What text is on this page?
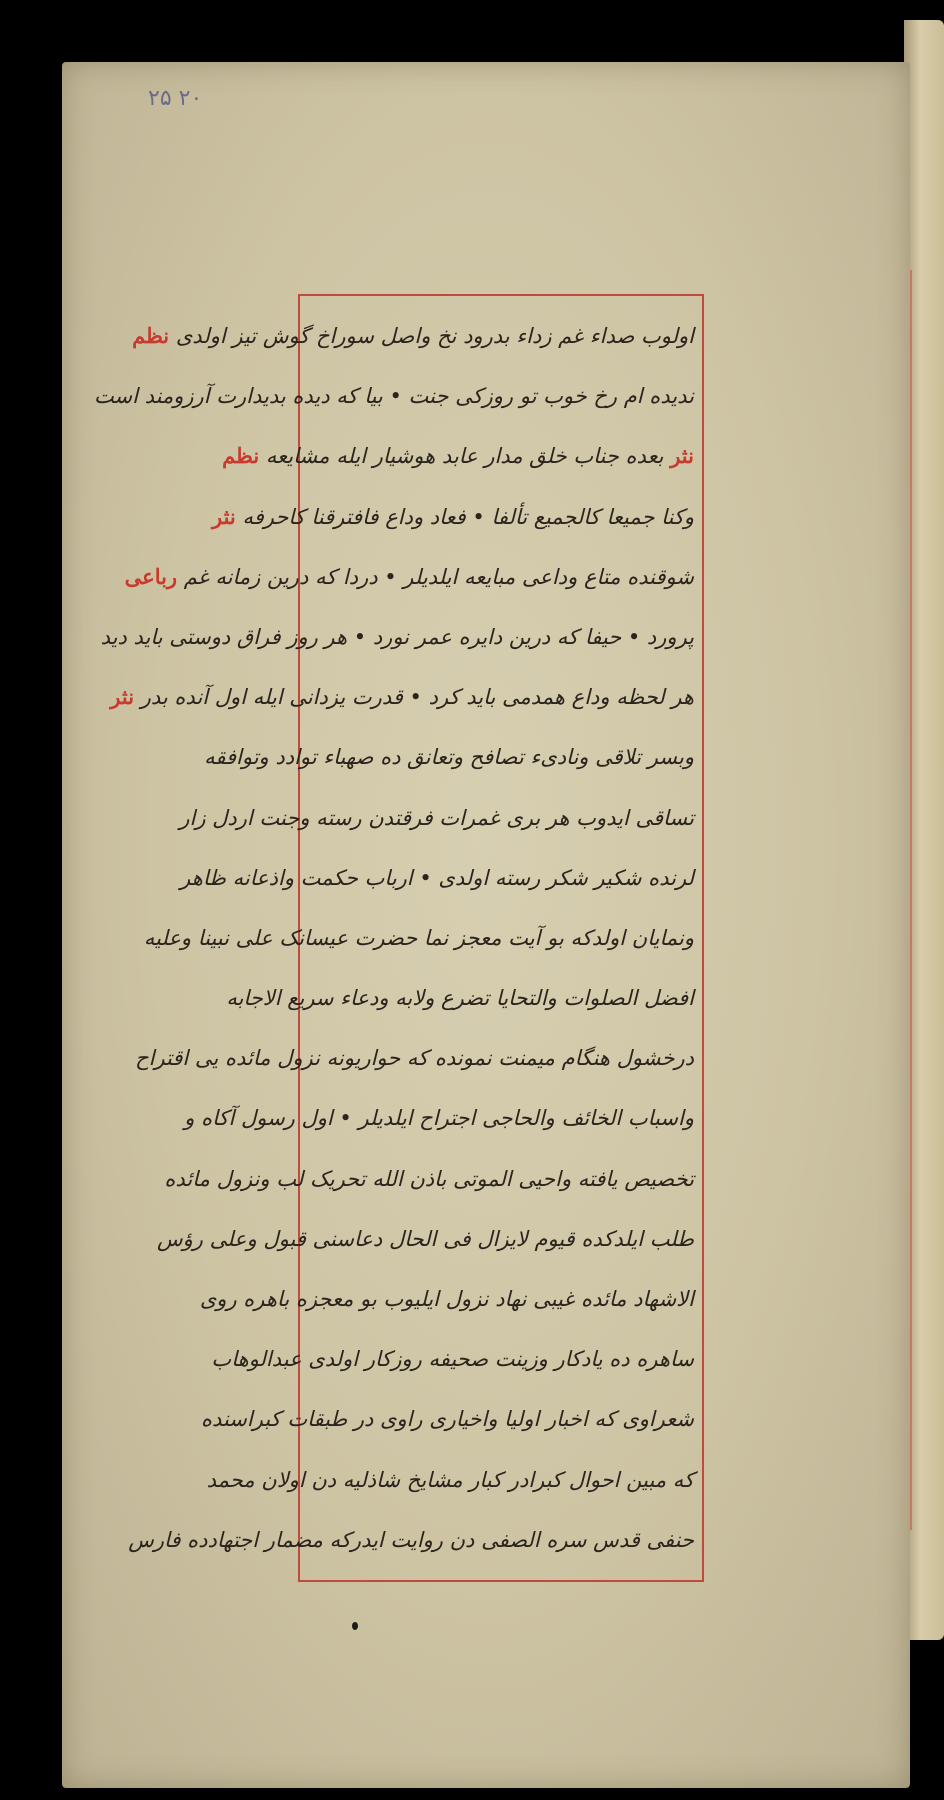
۲۰ ۲۵
اولوب صداء غم زداء بدرود نخ واصل سوراخ گوش تیز اولدی نظم
ندیده ام رخ خوب تو روزکی جنت • بیا که دیده بدیدارت آرزومند است
نثر بعده جناب خلق مدار عابد هوشیار ایله مشایعه نظم
وکنا جمیعا کالجمیع تألفا • فعاد وداع فافترقنا کاحرفه نثر
شوقنده متاع وداعی مبایعه ایلدیلر • دردا که درین زمانه غم رباعی
پرورد • حیفا که درین دایره عمر نورد • هر روز فراق دوستی باید دید
هر لحظه وداع همدمی باید کرد • قدرت یزدانی ایله اول آنده بدر نثر
وبسر تلاقی ونادیء تصافح وتعانق ده صهباء توادد وتوافقه
تساقی ایدوب هر بری غمرات فرقتدن رسته وجنت اردل زار
لرنده شکیر شکر رسته اولدی • ارباب حکمت واذعانه ظاهر
ونمایان اولدکه بو آیت معجز نما حضرت عیسانک علی نبینا وعلیه
افضل الصلوات والتحایا تضرع ولابه ودعاء سریع الاجابه
درخشول هنگام میمنت نمونده که حواریونه نزول مائده یی اقتراح
واسباب الخائف والحاجی اجتراح ایلدیلر • اول رسول آکاه و
تخصیص یافته واحیی الموتی باذن الله تحریک لب ونزول مائده
طلب ایلدکده قیوم لایزال فی الحال دعاسنی قبول وعلی رؤس
الاشهاد مائده غیبی نهاد نزول ایلیوب بو معجزه باهره روی
ساهره ده یادکار وزینت صحیفه روزکار اولدی عبدالوهاب
شعراوی که اخبار اولیا واخیاری راوی در طبقات کبراسنده
که مبین احوال کبرادر کبار مشایخ شاذلیه دن اولان محمد
حنفی قدس سره الصفی دن روایت ایدرکه مضمار اجتهادده فارس
